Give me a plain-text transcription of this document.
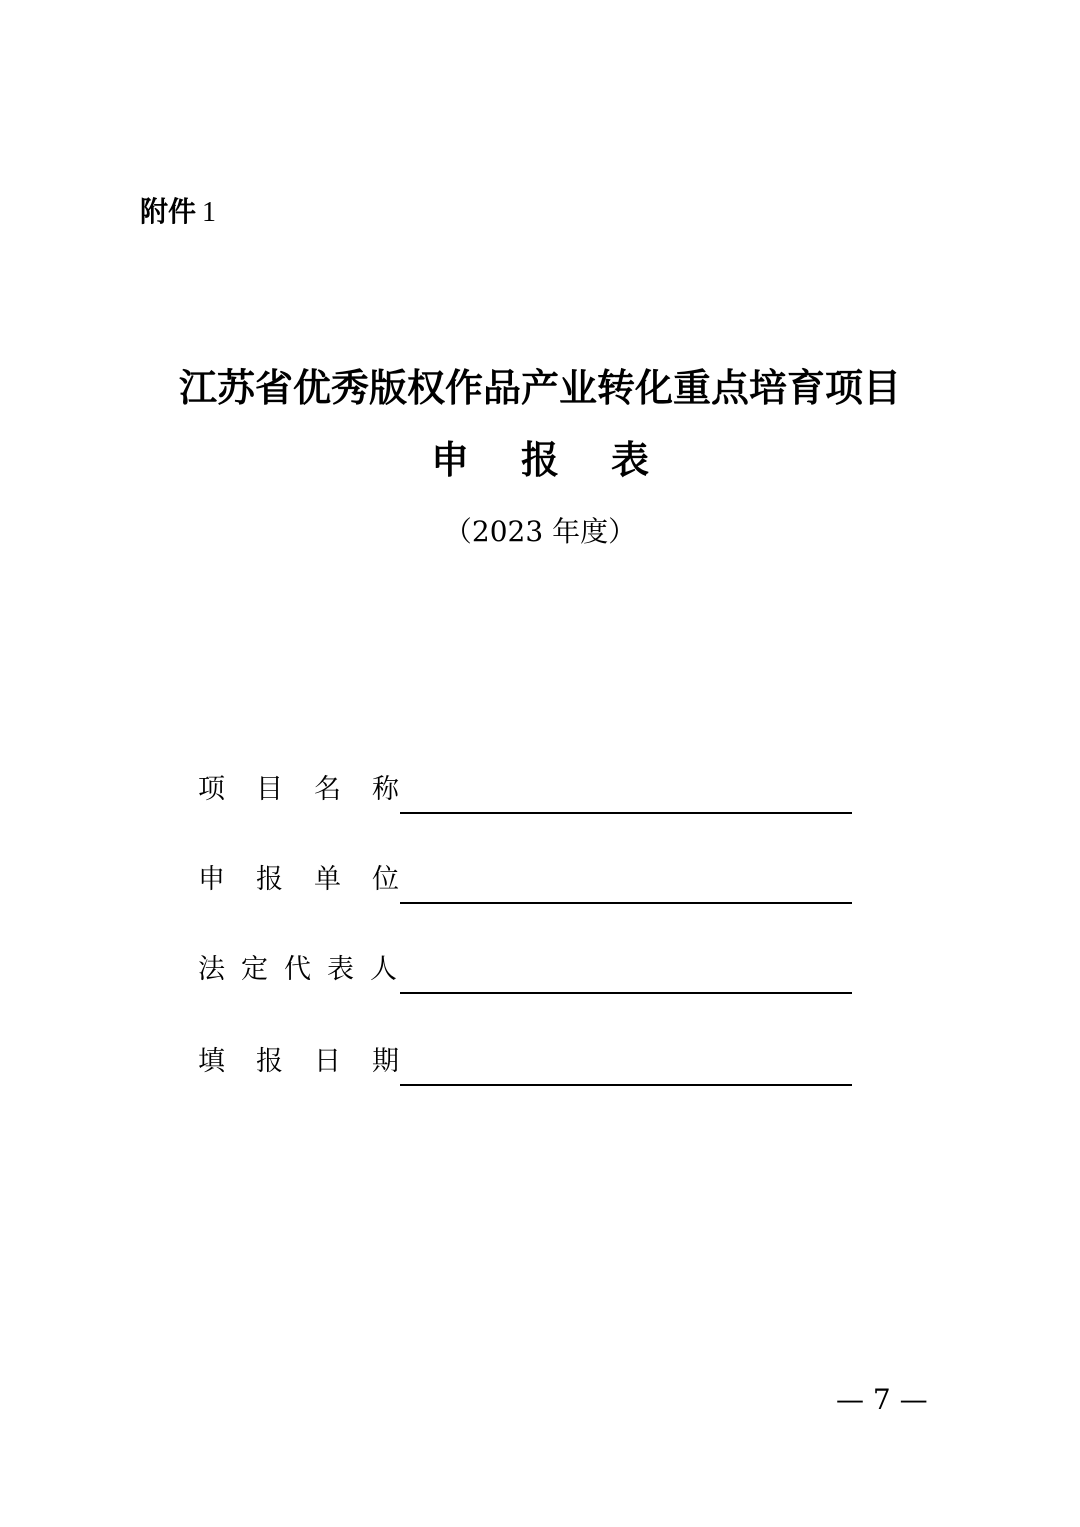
附件 1
江苏省优秀版权作品产业转化重点培育项目
申报表
（2023 年度）
项目名称
申报单位
法定代表人
填报日期
— 7 —
